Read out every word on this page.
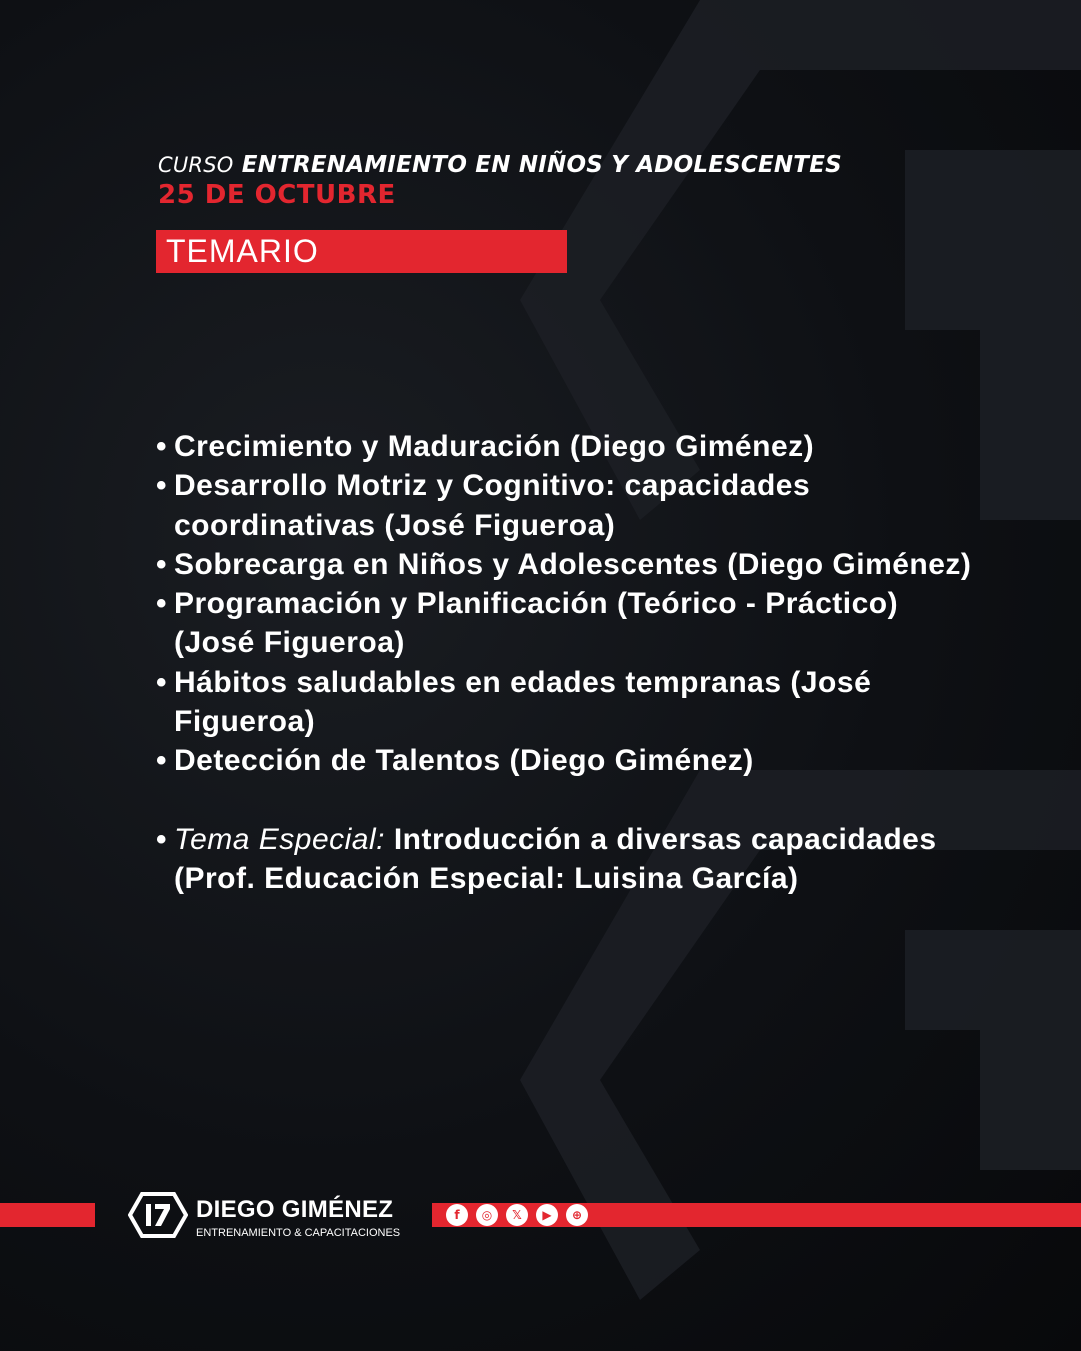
CURSO ENTRENAMIENTO EN NIÑOS Y ADOLESCENTES
25 DE OCTUBRE
TEMARIO
• Crecimiento y Maduración (Diego Giménez)
• Desarrollo Motriz y Cognitivo: capacidades coordinativas (José Figueroa)
• Sobrecarga en Niños y Adolescentes (Diego Giménez)
• Programación y Planificación (Teórico - Práctico) (José Figueroa)
• Hábitos saludables en edades tempranas (José Figueroa)
• Detección de Talentos (Diego Giménez)
• Tema Especial: Introducción a diversas capacidades
(Prof. Educación Especial: Luisina García)
DIEGO GIMÉNEZ
ENTRENAMIENTO & CAPACITACIONES
f	◎	𝕏	▶	⊕
